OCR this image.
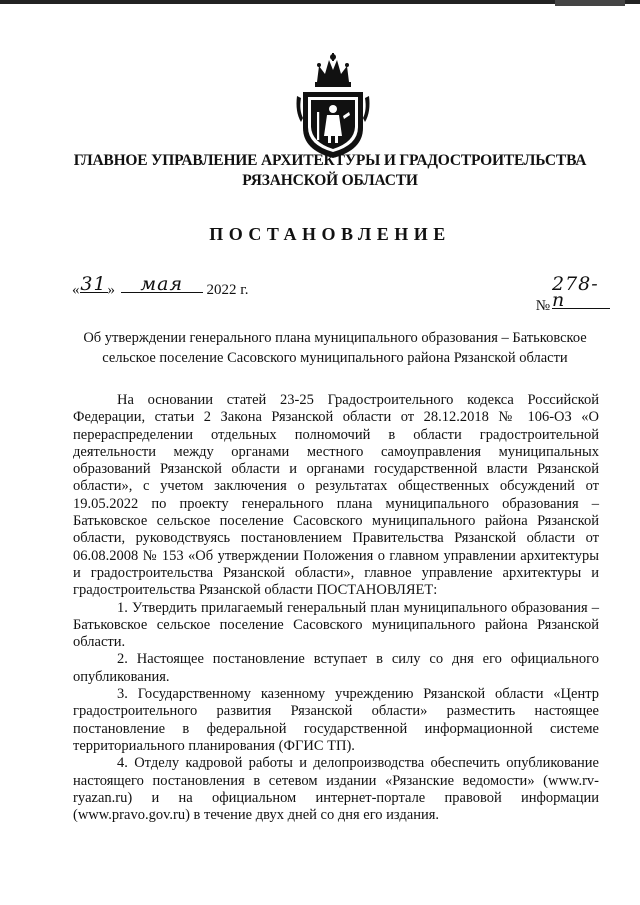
ГЛАВНОЕ УПРАВЛЕНИЕ АРХИТЕКТУРЫ И ГРАДОСТРОИТЕЛЬСТВА
РЯЗАНСКОЙ ОБЛАСТИ
ПОСТАНОВЛЕНИЕ
«31» мая 2022 г.
№278-п
Об утверждении генерального плана муниципального образования – Батьковское сельское поселение Сасовского муниципального района Рязанской области

На основании статей 23-25 Градостроительного кодекса Российской Федерации, статьи 2 Закона Рязанской области от 28.12.2018 № 106-ОЗ «О перераспределении отдельных полномочий в области градостроительной деятельности между органами местного самоуправления муниципальных образований Рязанской области и органами государственной власти Рязанской области», с учетом заключения о результатах общественных обсуждений от 19.05.2022 по проекту генерального плана муниципального образования – Батьковское сельское поселение Сасовского муниципального района Рязанской области, руководствуясь постановлением Правительства Рязанской области от 06.08.2008 № 153 «Об утверждении Положения о главном управлении архитектуры и градостроительства Рязанской области», главное управление архитектуры и градостроительства Рязанской области ПОСТАНОВЛЯЕТ:

1. Утвердить прилагаемый генеральный план муниципального образования – Батьковское сельское поселение Сасовского муниципального района Рязанской области.

2. Настоящее постановление вступает в силу со дня его официального опубликования.

3. Государственному казенному учреждению Рязанской области «Центр градостроительного развития Рязанской области» разместить настоящее постановление в федеральной государственной информационной системе территориального планирования (ФГИС ТП).

4. Отделу кадровой работы и делопроизводства обеспечить опубликование настоящего постановления в сетевом издании «Рязанские ведомости» (www.rv-ryazan.ru) и на официальном интернет-портале правовой информации (www.pravo.gov.ru) в течение двух дней со дня его издания.
